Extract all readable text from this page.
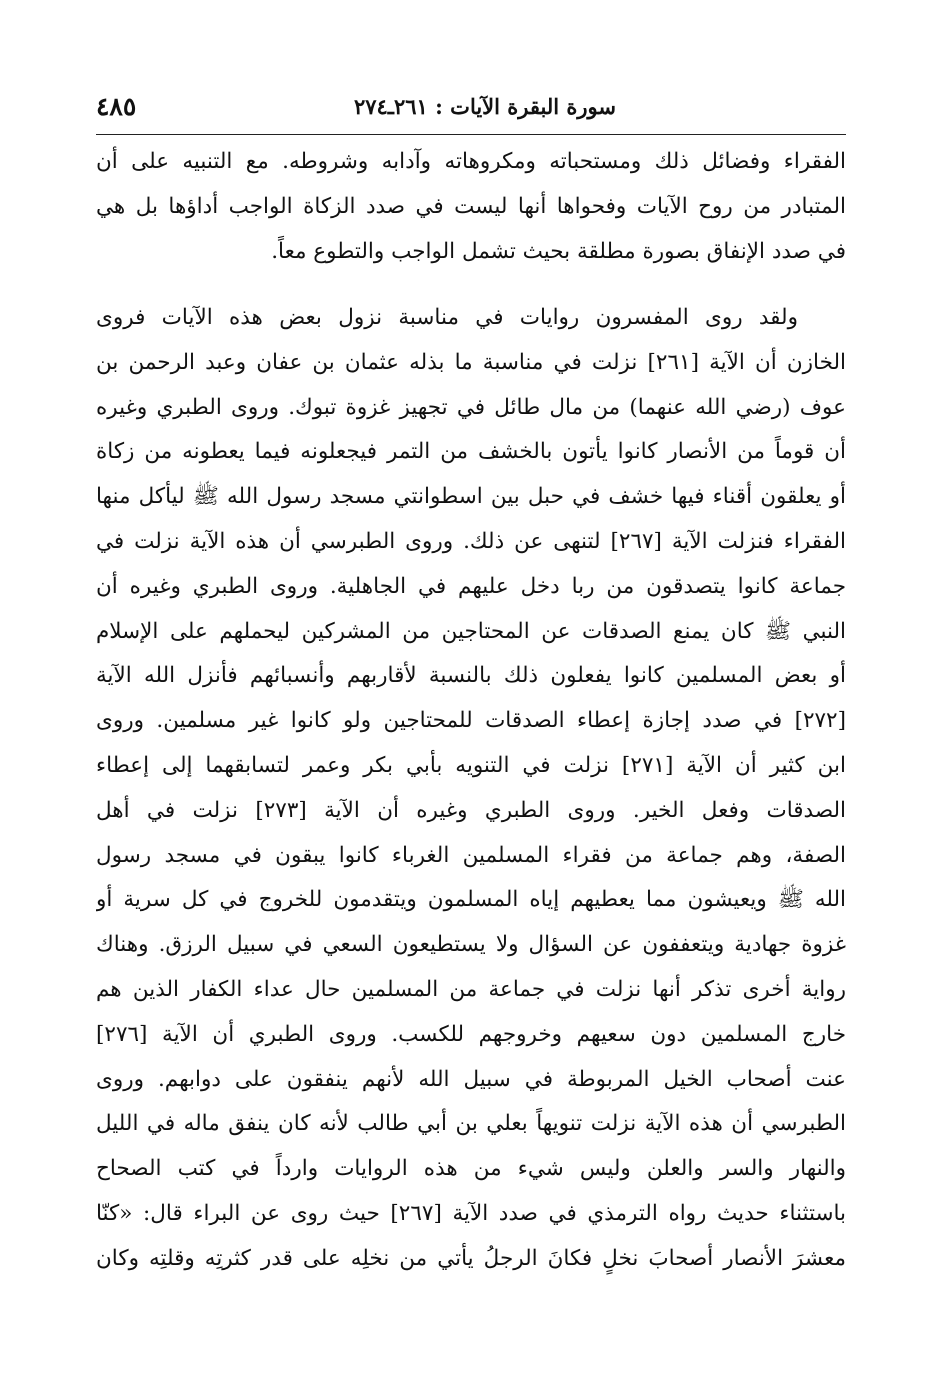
سورة البقرة الآيات : ٢٦١ـ٢٧٤
٤٨٥
الفقراء وفضائل ذلك ومستحباته ومكروهاته وآدابه وشروطه. مع التنبيه على أن
المتبادر من روح الآيات وفحواها أنها ليست في صدد الزكاة الواجب أداؤها بل هي
في صدد الإنفاق بصورة مطلقة بحيث تشمل الواجب والتطوع معاً.
ولقد روى المفسرون روايات في مناسبة نزول بعض هذه الآيات فروى
الخازن أن الآية [٢٦١] نزلت في مناسبة ما بذله عثمان بن عفان وعبد الرحمن بن
عوف (رضي الله عنهما) من مال طائل في تجهيز غزوة تبوك. وروى الطبري وغيره
أن قوماً من الأنصار كانوا يأتون بالخشف من التمر فيجعلونه فيما يعطونه من زكاة
أو يعلقون أقناء فيها خشف في حبل بين اسطوانتي مسجد رسول الله ﷺ ليأكل منها
الفقراء فنزلت الآية [٢٦٧] لتنهى عن ذلك. وروى الطبرسي أن هذه الآية نزلت في
جماعة كانوا يتصدقون من ربا دخل عليهم في الجاهلية. وروى الطبري وغيره أن
النبي ﷺ كان يمنع الصدقات عن المحتاجين من المشركين ليحملهم على الإسلام
أو بعض المسلمين كانوا يفعلون ذلك بالنسبة لأقاربهم وأنسبائهم فأنزل الله الآية
[٢٧٢] في صدد إجازة إعطاء الصدقات للمحتاجين ولو كانوا غير مسلمين. وروى
ابن كثير أن الآية [٢٧١] نزلت في التنويه بأبي بكر وعمر لتسابقهما إلى إعطاء
الصدقات وفعل الخير. وروى الطبري وغيره أن الآية [٢٧٣] نزلت في أهل
الصفة، وهم جماعة من فقراء المسلمين الغرباء كانوا يبقون في مسجد رسول
الله ﷺ ويعيشون مما يعطيهم إياه المسلمون ويتقدمون للخروج في كل سرية أو
غزوة جهادية ويتعففون عن السؤال ولا يستطيعون السعي في سبيل الرزق. وهناك
رواية أخرى تذكر أنها نزلت في جماعة من المسلمين حال عداء الكفار الذين هم
خارج المسلمين دون سعيهم وخروجهم للكسب. وروى الطبري أن الآية [٢٧٦]
عنت أصحاب الخيل المربوطة في سبيل الله لأنهم ينفقون على دوابهم. وروى
الطبرسي أن هذه الآية نزلت تنويهاً بعلي بن أبي طالب لأنه كان ينفق ماله في الليل
والنهار والسر والعلن وليس شيء من هذه الروايات وارداً في كتب الصحاح
باستثناء حديث رواه الترمذي في صدد الآية [٢٦٧] حيث روى عن البراء قال: «كنّا
معشرَ الأنصار أصحابَ نخلٍ فكانَ الرجلُ يأتي من نخلِه على قدر كثرتِه وقلتِه وكان
